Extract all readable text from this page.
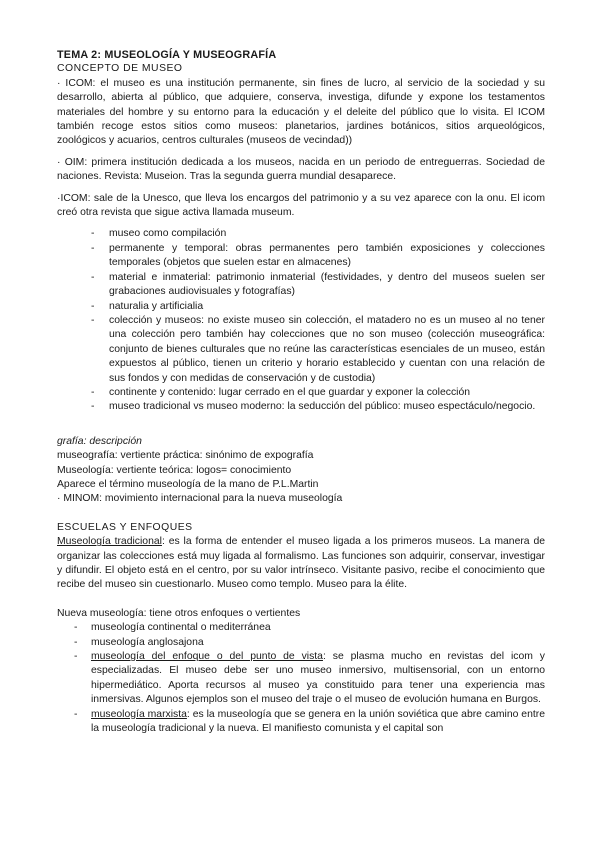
TEMA 2: MUSEOLOGÍA Y MUSEOGRAFÍA

CONCEPTO DE MUSEO

· ICOM: el museo es una institución permanente, sin fines de lucro, al servicio de la sociedad y su desarrollo, abierta al público, que adquiere, conserva, investiga, difunde y expone los testamentos materiales del hombre y su entorno para la educación y el deleite del público que lo visita. El ICOM también recoge estos sitios como museos: planetarios, jardines botánicos, sitios arqueológicos, zoológicos y acuarios, centros culturales (museos de vecindad))

· OIM: primera institución dedicada a los museos, nacida en un periodo de entreguerras. Sociedad de naciones. Revista: Museion. Tras la segunda guerra mundial desaparece.

·ICOM: sale de la Unesco, que lleva los encargos del patrimonio y a su vez aparece con la onu. El icom creó otra revista que sigue activa llamada museum.

- museo como compilación
- permanente y temporal: obras permanentes pero también exposiciones y colecciones temporales (objetos que suelen estar en almacenes)
- material e inmaterial: patrimonio inmaterial (festividades, y dentro del museos suelen ser grabaciones audiovisuales y fotografías)
- naturalia y artificialia
- colección y museos: no existe museo sin colección, el matadero no es un museo al no tener una colección pero también hay colecciones que no son museo (colección museográfica: conjunto de bienes culturales que no reúne las características esenciales de un museo, están expuestos al público, tienen un criterio y horario establecido y cuentan con una relación de sus fondos y con medidas de conservación y de custodia)
- continente y contenido: lugar cerrado en el que guardar y exponer la colección
- museo tradicional vs museo moderno: la seducción del público: museo espectáculo/negocio.

grafía: descripción

museografía: vertiente práctica: sinónimo de expografía

Museología: vertiente teórica: logos= conocimiento

Aparece el término museología de la mano de P.L.Martin

· MINOM: movimiento internacional para la nueva museología

ESCUELAS Y ENFOQUES

Museología tradicional: es la forma de entender el museo ligada a los primeros museos. La manera de organizar las colecciones está muy ligada al formalismo. Las funciones son adquirir, conservar, investigar y difundir. El objeto está en el centro, por su valor intrínseco. Visitante pasivo, recibe el conocimiento que recibe del museo sin cuestionarlo. Museo como templo. Museo para la élite.

Nueva museología: tiene otros enfoques o vertientes

- museología continental o mediterránea
- museología anglosajona
- museología del enfoque o del punto de vista: se plasma mucho en revistas del icom y especializadas. El museo debe ser uno museo inmersivo, multisensorial, con un entorno hipermediático. Aporta recursos al museo ya constituido para tener una experiencia mas inmersivas. Algunos ejemplos son el museo del traje o el museo de evolución humana en Burgos.
- museología marxista: es la museología que se genera en la unión soviética que abre camino entre la museología tradicional y la nueva. El manifiesto comunista y el capital son
